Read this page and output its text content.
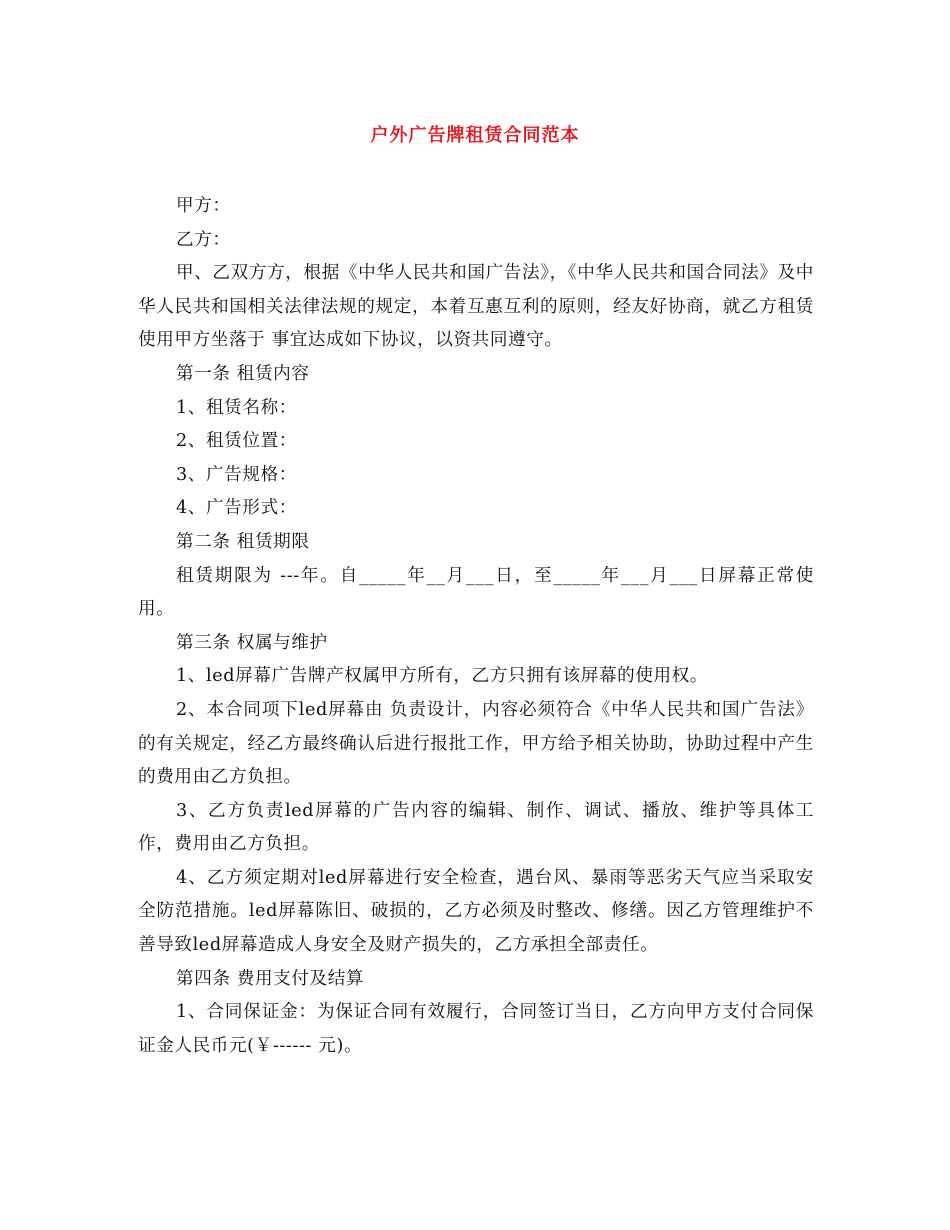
户外广告牌租赁合同范本

甲方：

乙方：

甲、乙双方方，根据《中华人民共和国广告法》，《中华人民共和国合同法》及中华人民共和国相关法律法规的规定，本着互惠互利的原则，经友好协商，就乙方租赁使用甲方坐落于 事宜达成如下协议，以资共同遵守。

第一条 租赁内容

1、租赁名称：

2、租赁位置：

3、广告规格：

4、广告形式：

第二条 租赁期限

租赁期限为 ---年。自_____年__月___日，至_____年___月___日屏幕正常使用。

第三条 权属与维护

1、led屏幕广告牌产权属甲方所有，乙方只拥有该屏幕的使用权。

2、本合同项下led屏幕由 负责设计，内容必须符合《中华人民共和国广告法》的有关规定，经乙方最终确认后进行报批工作，甲方给予相关协助，协助过程中产生的费用由乙方负担。

3、乙方负责led屏幕的广告内容的编辑、制作、调试、播放、维护等具体工作，费用由乙方负担。

4、乙方须定期对led屏幕进行安全检查，遇台风、暴雨等恶劣天气应当采取安全防范措施。led屏幕陈旧、破损的，乙方必须及时整改、修缮。因乙方管理维护不善导致led屏幕造成人身安全及财产损失的，乙方承担全部责任。

第四条 费用支付及结算

1、合同保证金：为保证合同有效履行，合同签订当日，乙方向甲方支付合同保证金人民币元(￥------ 元)。
